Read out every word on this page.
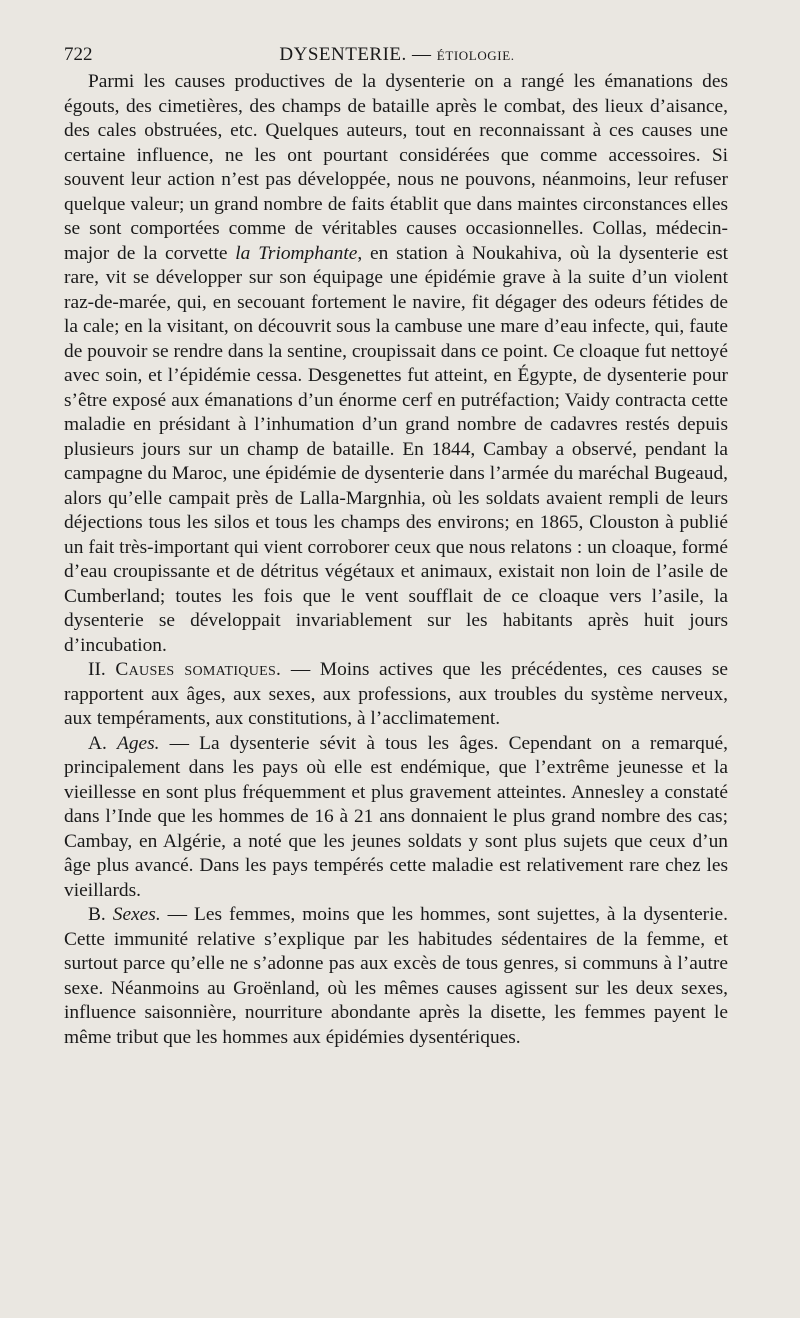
722	DYSENTERIE. — ÉTIOLOGIE.

Parmi les causes productives de la dysenterie on a rangé les émanations des égouts, des cimetières, des champs de bataille après le combat, des lieux d’aisance, des cales obstruées, etc. Quelques auteurs, tout en reconnaissant à ces causes une certaine influence, ne les ont pourtant considérées que comme accessoires. Si souvent leur action n’est pas développée, nous ne pouvons, néanmoins, leur refuser quelque valeur; un grand nombre de faits établit que dans maintes circonstances elles se sont comportées comme de véritables causes occasionnelles. Collas, médecin-major de la corvette la Triomphante, en station à Noukahiva, où la dysenterie est rare, vit se développer sur son équipage une épidémie grave à la suite d’un violent raz-de-marée, qui, en secouant fortement le navire, fit dégager des odeurs fétides de la cale; en la visitant, on découvrit sous la cambuse une mare d’eau infecte, qui, faute de pouvoir se rendre dans la sentine, croupissait dans ce point. Ce cloaque fut nettoyé avec soin, et l’épidémie cessa. Desgenettes fut atteint, en Égypte, de dysenterie pour s’être exposé aux émanations d’un énorme cerf en putréfaction; Vaidy contracta cette maladie en présidant à l’inhumation d’un grand nombre de cadavres restés depuis plusieurs jours sur un champ de bataille. En 1844, Cambay a observé, pendant la campagne du Maroc, une épidémie de dysenterie dans l’armée du maréchal Bugeaud, alors qu’elle campait près de Lalla-Margnhia, où les soldats avaient rempli de leurs déjections tous les silos et tous les champs des environs; en 1865, Clouston à publié un fait très-important qui vient corroborer ceux que nous relatons : un cloaque, formé d’eau croupissante et de détritus végétaux et animaux, existait non loin de l’asile de Cumberland; toutes les fois que le vent soufflait de ce cloaque vers l’asile, la dysenterie se développait invariablement sur les habitants après huit jours d’incubation.

II. Causes somatiques. — Moins actives que les précédentes, ces causes se rapportent aux âges, aux sexes, aux professions, aux troubles du système nerveux, aux tempéraments, aux constitutions, à l’acclimatement.

A. Ages. — La dysenterie sévit à tous les âges. Cependant on a remarqué, principalement dans les pays où elle est endémique, que l’extrême jeunesse et la vieillesse en sont plus fréquemment et plus gravement atteintes. Annesley a constaté dans l’Inde que les hommes de 16 à 21 ans donnaient le plus grand nombre des cas; Cambay, en Algérie, a noté que les jeunes soldats y sont plus sujets que ceux d’un âge plus avancé. Dans les pays tempérés cette maladie est relativement rare chez les vieillards.

B. Sexes. — Les femmes, moins que les hommes, sont sujettes, à la dysenterie. Cette immunité relative s’explique par les habitudes sédentaires de la femme, et surtout parce qu’elle ne s’adonne pas aux excès de tous genres, si communs à l’autre sexe. Néanmoins au Groënland, où les mêmes causes agissent sur les deux sexes, influence saisonnière, nourriture abondante après la disette, les femmes payent le même tribut que les hommes aux épidémies dysentériques.
